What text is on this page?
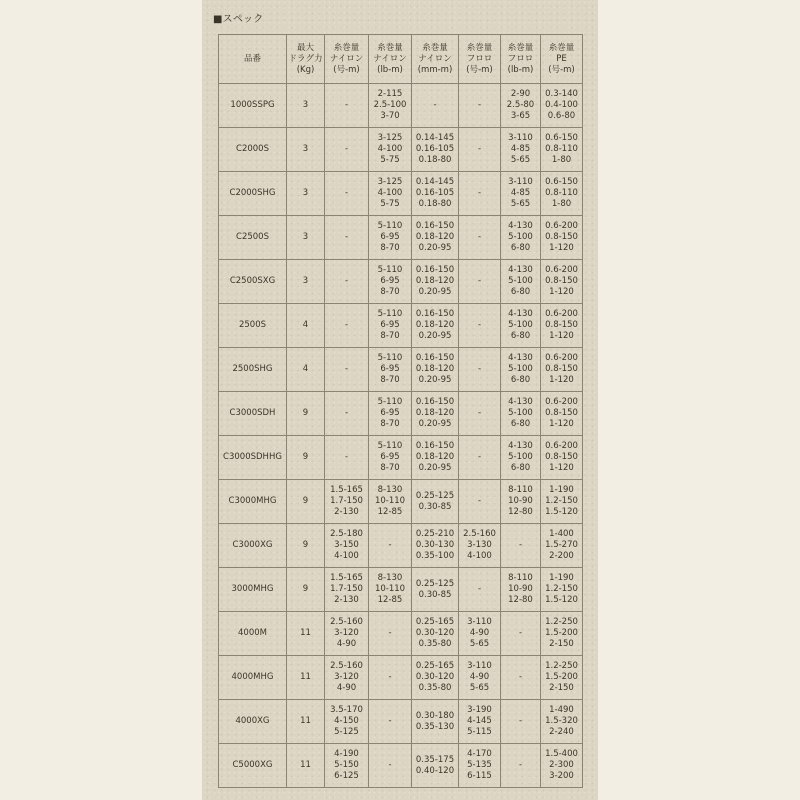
■スペック
品番	最大
ドラグ力
(Kg)	糸巻量
ナイロン
(号-m)	糸巻量
ナイロン
(lb-m)	糸巻量
ナイロン
(mm-m)	糸巻量
フロロ
(号-m)	糸巻量
フロロ
(lb-m)	糸巻量
PE
(号-m)
1000SSPG	3	-	2-115
2.5-100
3-70	-	-	2-90
2.5-80
3-65	0.3-140
0.4-100
0.6-80
C2000S	3	-	3-125
4-100
5-75	0.14-145
0.16-105
0.18-80	-	3-110
4-85
5-65	0.6-150
0.8-110
1-80
C2000SHG	3	-	3-125
4-100
5-75	0.14-145
0.16-105
0.18-80	-	3-110
4-85
5-65	0.6-150
0.8-110
1-80
C2500S	3	-	5-110
6-95
8-70	0.16-150
0.18-120
0.20-95	-	4-130
5-100
6-80	0.6-200
0.8-150
1-120
C2500SXG	3	-	5-110
6-95
8-70	0.16-150
0.18-120
0.20-95	-	4-130
5-100
6-80	0.6-200
0.8-150
1-120
2500S	4	-	5-110
6-95
8-70	0.16-150
0.18-120
0.20-95	-	4-130
5-100
6-80	0.6-200
0.8-150
1-120
2500SHG	4	-	5-110
6-95
8-70	0.16-150
0.18-120
0.20-95	-	4-130
5-100
6-80	0.6-200
0.8-150
1-120
C3000SDH	9	-	5-110
6-95
8-70	0.16-150
0.18-120
0.20-95	-	4-130
5-100
6-80	0.6-200
0.8-150
1-120
C3000SDHHG	9	-	5-110
6-95
8-70	0.16-150
0.18-120
0.20-95	-	4-130
5-100
6-80	0.6-200
0.8-150
1-120
C3000MHG	9	1.5-165
1.7-150
2-130	8-130
10-110
12-85	0.25-125
0.30-85	-	8-110
10-90
12-80	1-190
1.2-150
1.5-120
C3000XG	9	2.5-180
3-150
4-100	-	0.25-210
0.30-130
0.35-100	2.5-160
3-130
4-100	-	1-400
1.5-270
2-200
3000MHG	9	1.5-165
1.7-150
2-130	8-130
10-110
12-85	0.25-125
0.30-85	-	8-110
10-90
12-80	1-190
1.2-150
1.5-120
4000M	11	2.5-160
3-120
4-90	-	0.25-165
0.30-120
0.35-80	3-110
4-90
5-65	-	1.2-250
1.5-200
2-150
4000MHG	11	2.5-160
3-120
4-90	-	0.25-165
0.30-120
0.35-80	3-110
4-90
5-65	-	1.2-250
1.5-200
2-150
4000XG	11	3.5-170
4-150
5-125	-	0.30-180
0.35-130	3-190
4-145
5-115	-	1-490
1.5-320
2-240
C5000XG	11	4-190
5-150
6-125	-	0.35-175
0.40-120	4-170
5-135
6-115	-	1.5-400
2-300
3-200
